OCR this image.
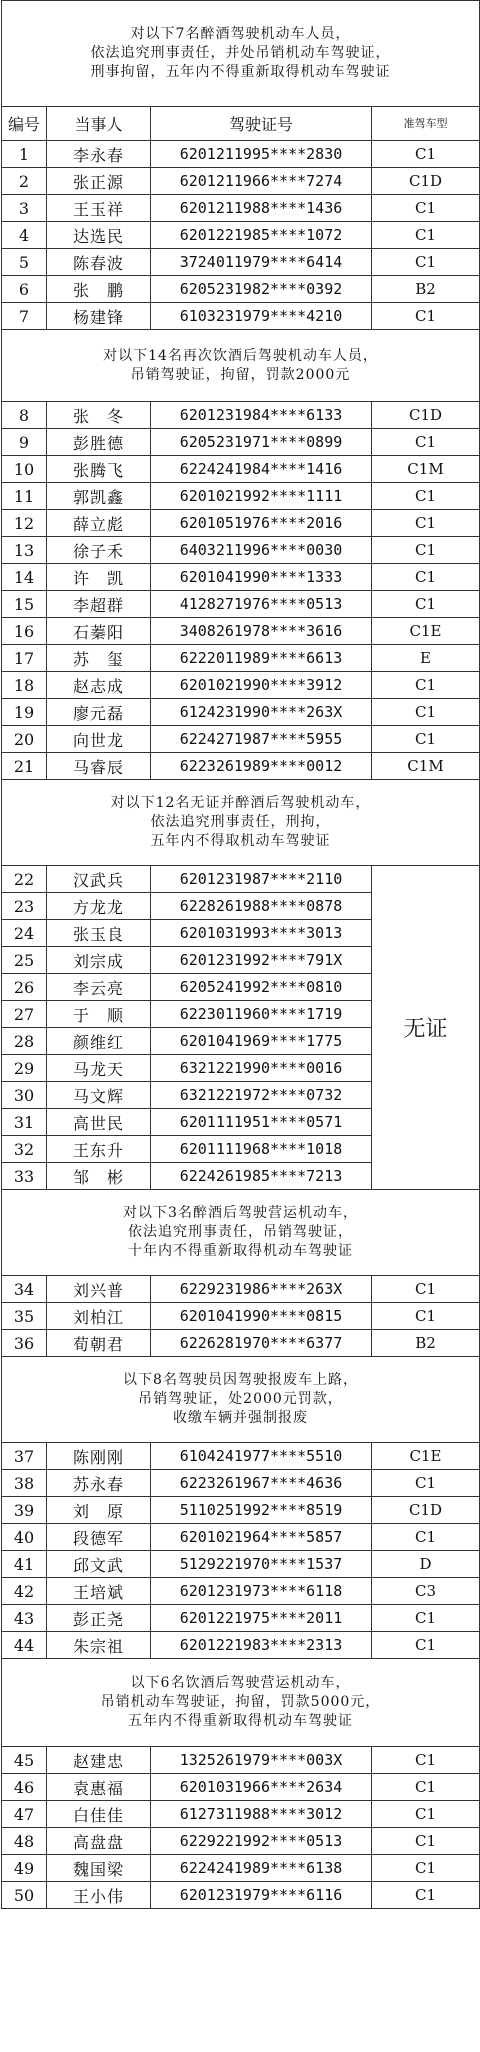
对以下7名醉酒驾驶机动车人员，
依法追究刑事责任，并处吊销机动车驾驶证，
刑事拘留，五年内不得重新取得机动车驾驶证			

编号	当事人	驾驶证号	准驾车型
1	李永春	6201211995****2830	C1
2	张正源	6201211966****7274	C1D
3	王玉祥	6201211988****1436	C1
4	达选民	6201221985****1072	C1
5	陈春波	3724011979****6414	C1
6	张　鹏	6205231982****0392	B2
7	杨建锋	6103231979****4210	C1

对以下14名再次饮酒后驾驶机动车人员，
吊销驾驶证，拘留，罚款2000元			

8	张　冬	6201231984****6133	C1D
9	彭胜德	6205231971****0899	C1
10	张腾飞	6224241984****1416	C1M
11	郭凯鑫	6201021992****1111	C1
12	薛立彪	6201051976****2016	C1
13	徐子禾	6403211996****0030	C1
14	许　凯	6201041990****1333	C1
15	李超群	4128271976****0513	C1
16	石蓁阳	3408261978****3616	C1E
17	苏　玺	6222011989****6613	E
18	赵志成	6201021990****3912	C1
19	廖元磊	6124231990****263X	C1
20	向世龙	6224271987****5955	C1
21	马睿辰	6223261989****0012	C1M

对以下12名无证并醉酒后驾驶机动车，
依法追究刑事责任，刑拘，
五年内不得取机动车驾驶证			

22	汉武兵	6201231987****2110	无证
23	方龙龙	6228261988****0878	
24	张玉良	6201031993****3013	
25	刘宗成	6201231992****791X	
26	李云亮	6205241992****0810	
27	于　顺	6223011960****1719	
28	颜维红	6201041969****1775	
29	马龙天	6321221990****0016	
30	马文辉	6321221972****0732	
31	高世民	6201111951****0571	
32	王东升	6201111968****1018	
33	邹　彬	6224261985****7213	

对以下3名醉酒后驾驶营运机动车，
依法追究刑事责任，吊销驾驶证，
十年内不得重新取得机动车驾驶证			

34	刘兴普	6229231986****263X	C1
35	刘柏江	6201041990****0815	C1
36	荀朝君	6226281970****6377	B2

以下8名驾驶员因驾驶报废车上路，
吊销驾驶证，处2000元罚款，
收缴车辆并强制报废			

37	陈刚刚	6104241977****5510	C1E
38	苏永春	6223261967****4636	C1
39	刘　原	5110251992****8519	C1D
40	段德军	6201021964****5857	C1
41	邱文武	5129221970****1537	D
42	王培斌	6201231973****6118	C3
43	彭正尧	6201221975****2011	C1
44	朱宗祖	6201221983****2313	C1

以下6名饮酒后驾驶营运机动车，
吊销机动车驾驶证，拘留，罚款5000元，
五年内不得重新取得机动车驾驶证			

45	赵建忠	1325261979****003X	C1
46	袁惠福	6201031966****2634	C1
47	白佳佳	6127311988****3012	C1
48	高盘盘	6229221992****0513	C1
49	魏国梁	6224241989****6138	C1
50	王小伟	6201231979****6116	C1
